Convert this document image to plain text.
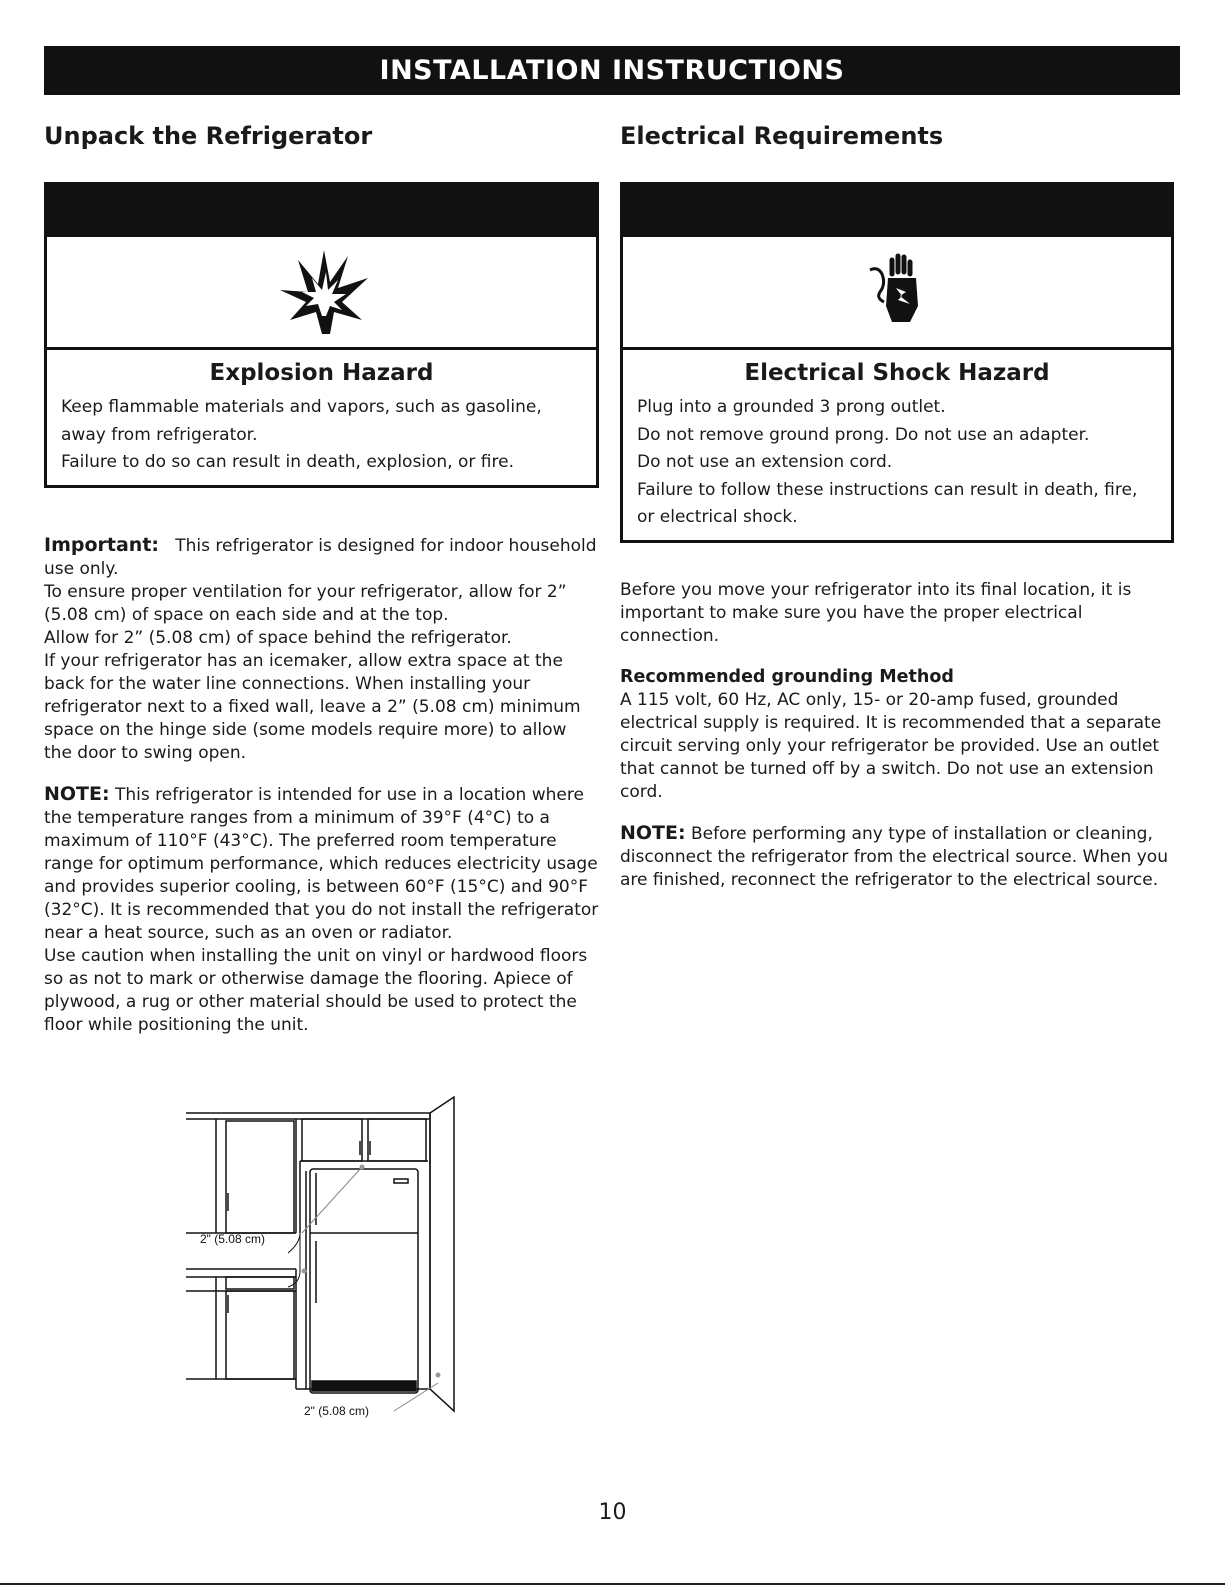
INSTALLATION INSTRUCTIONS
Unpack the Refrigerator
Explosion Hazard

Keep flammable materials and vapors, such as gasoline, away from refrigerator.

Failure to do so can result in death, explosion, or fire.

Important: This refrigerator is designed for indoor household use only.

To ensure proper ventilation for your refrigerator, allow for 2” (5.08 cm) of space on each side and at the top.

Allow for 2” (5.08 cm) of space behind the refrigerator.

If your refrigerator has an icemaker, allow extra space at the back for the water line connections. When installing your refrigerator next to a fixed wall, leave a 2” (5.08 cm) minimum space on the hinge side (some models require more) to allow the door to swing open.

NOTE: This refrigerator is intended for use in a location where the temperature ranges from a minimum of 39°F (4°C) to a maximum of 110°F (43°C). The preferred room temperature range for optimum performance, which reduces electricity usage and provides superior cooling, is between 60°F (15°C) and 90°F (32°C). It is recommended that you do not install the refrigerator near a heat source, such as an oven or radiator.

Use caution when installing the unit on vinyl or hardwood floors so as not to mark or otherwise damage the flooring. Apiece of plywood, a rug or other material should be used to protect the floor while positioning the unit.

Electrical Requirements
Electrical Shock Hazard

Plug into a grounded 3 prong outlet.

Do not remove ground prong. Do not use an adapter.

Do not use an extension cord.

Failure to follow these instructions can result in death, fire, or electrical shock.

Before you move your refrigerator into its final location, it is important to make sure you have the proper electrical connection.

Recommended grounding Method

A 115 volt, 60 Hz, AC only, 15- or 20-amp fused, grounded electrical supply is required. It is recommended that a separate circuit serving only your refrigerator be provided. Use an outlet that cannot be turned off by a switch. Do not use an extension cord.

NOTE: Before performing any type of installation or cleaning, disconnect the refrigerator from the electrical source. When you are finished, reconnect the refrigerator to the electrical source.

2" (5.08 cm)
2" (5.08 cm)
10
